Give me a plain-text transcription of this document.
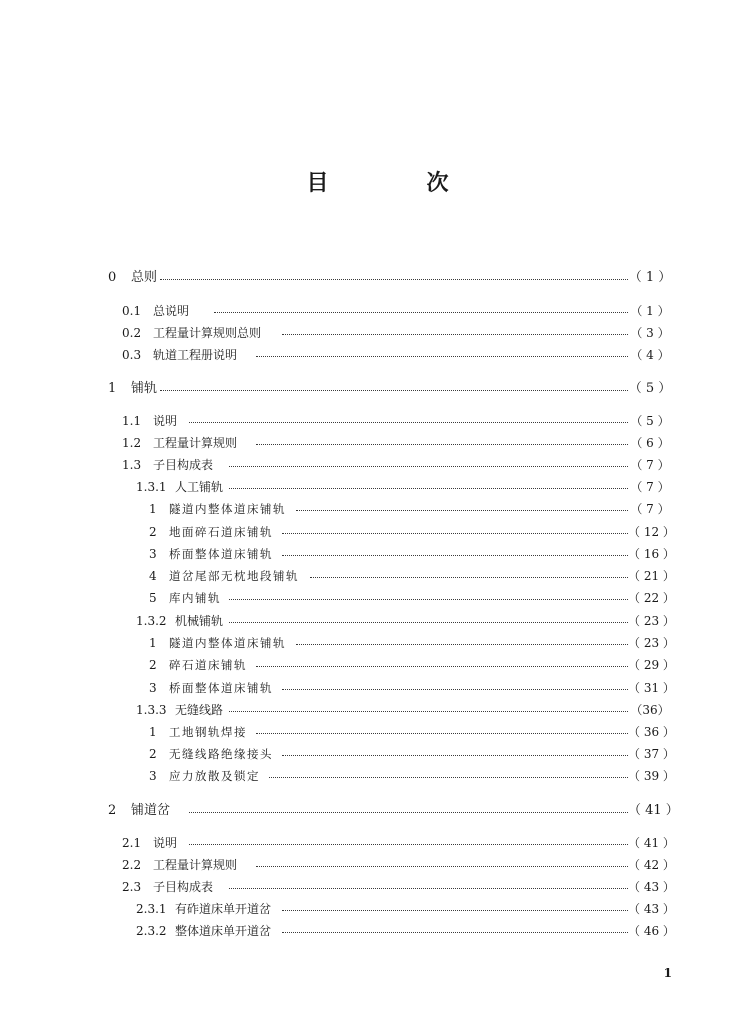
目　次
0 总则	（ 1 ）
0.1 总说明	（ 1 ）
0.2 工程量计算规则总则	（ 3 ）
0.3 轨道工程册说明	（ 4 ）
1 铺轨	（ 5 ）
1.1 说明	（ 5 ）
1.2 工程量计算规则	（ 6 ）
1.3 子目构成表	（ 7 ）
1.3.1 人工铺轨	（ 7 ）
1 隧道内整体道床铺轨	（ 7 ）
2 地面碎石道床铺轨	（ 12 ）
3 桥面整体道床铺轨	（ 16 ）
4 道岔尾部无枕地段铺轨	（ 21 ）
5 库内铺轨	（ 22 ）
1.3.2 机械铺轨	（ 23 ）
1 隧道内整体道床铺轨	（ 23 ）
2 碎石道床铺轨	（ 29 ）
3 桥面整体道床铺轨	（ 31 ）
1.3.3 无缝线路	（36）
1 工地钢轨焊接	（ 36 ）
2 无缝线路绝缘接头	（ 37 ）
3 应力放散及锁定	（ 39 ）
2 铺道岔	（ 41 ）
2.1 说明	（ 41 ）
2.2 工程量计算规则	（ 42 ）
2.3 子目构成表	（ 43 ）
2.3.1 有砟道床单开道岔	（ 43 ）
2.3.2 整体道床单开道岔	（ 46 ）
1
